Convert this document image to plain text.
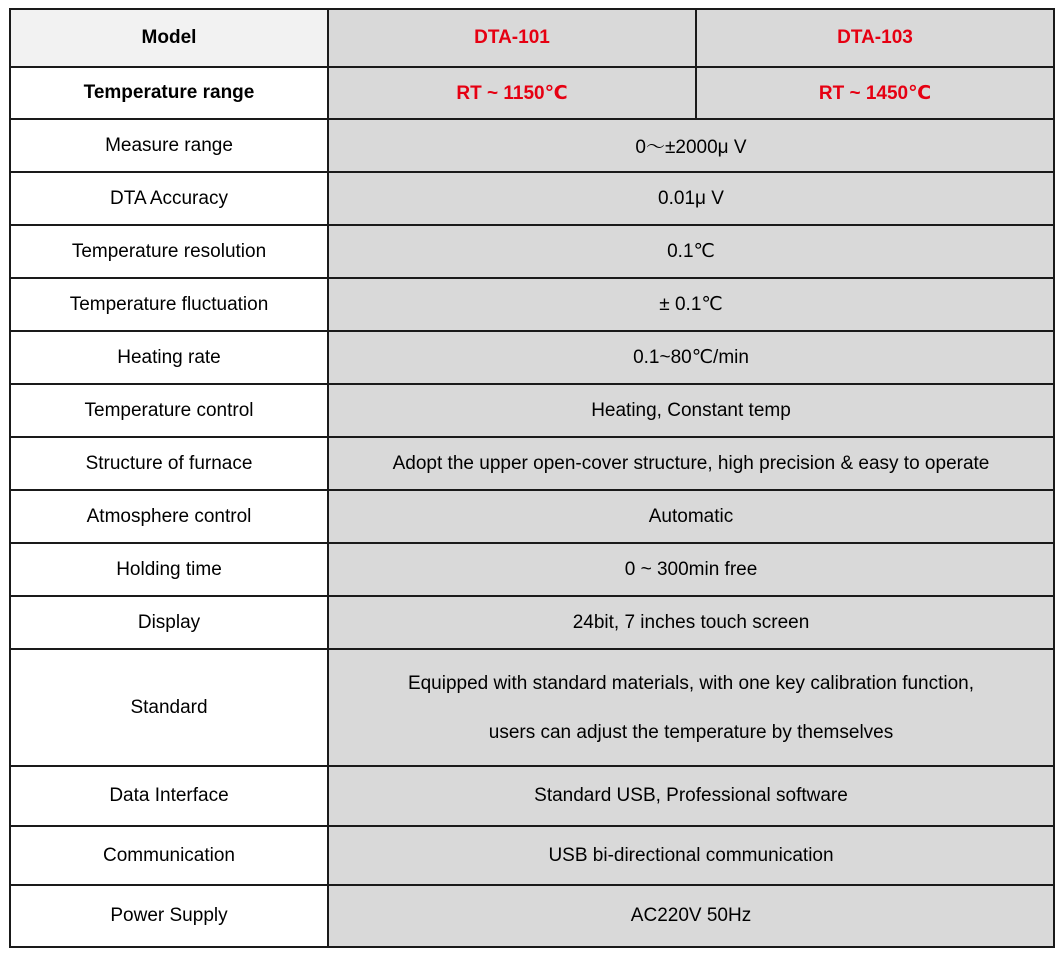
Model	DTA-101	DTA-103
Temperature range	RT ~ 1150℃	RT ~ 1450℃
Measure range	0～±2000μ V	
DTA Accuracy	0.01μ V	
Temperature resolution	0.1℃	
Temperature fluctuation	± 0.1℃	
Heating rate	0.1~80℃/min	
Temperature control	Heating, Constant temp	
Structure of furnace	Adopt the upper open-cover structure, high precision & easy to operate	
Atmosphere control	Automatic	
Holding time	0 ~ 300min free	
Display	24bit, 7 inches touch screen	
Standard	Equipped with standard materials, with one key calibration function,
users can adjust the temperature by themselves	

Data Interface	Standard USB, Professional software	
Communication	USB bi-directional communication	
Power Supply	AC220V 50Hz	
